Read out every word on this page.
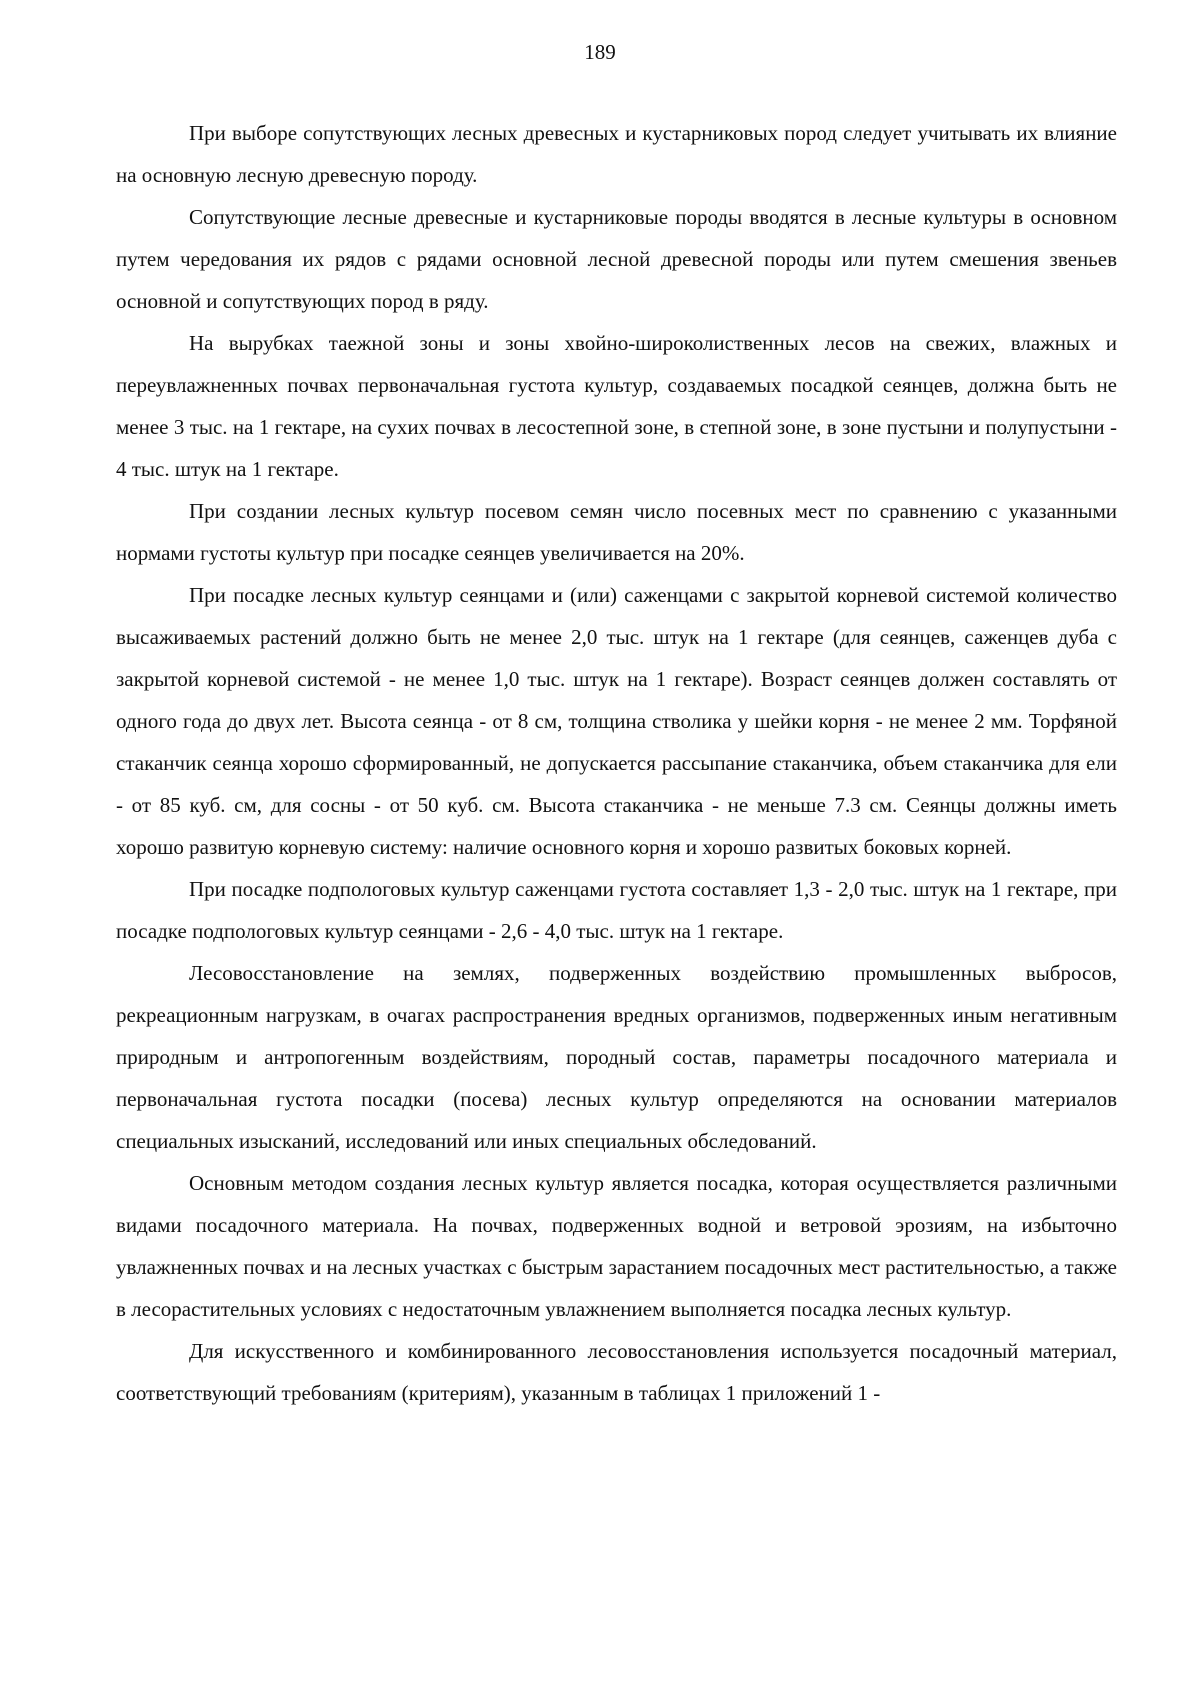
189

При выборе сопутствующих лесных древесных и кустарниковых пород следует учитывать их влияние на основную лесную древесную породу.

Сопутствующие лесные древесные и кустарниковые породы вводятся в лесные культуры в основном путем чередования их рядов с рядами основной лесной древесной породы или путем смешения звеньев основной и сопутствующих пород в ряду.

На вырубках таежной зоны и зоны хвойно-широколиственных лесов на свежих, влажных и переувлажненных почвах первоначальная густота культур, создаваемых посадкой сеянцев, должна быть не менее 3 тыс. на 1 гектаре, на сухих почвах в лесостепной зоне, в степной зоне, в зоне пустыни и полупустыни - 4 тыс. штук на 1 гектаре.

При создании лесных культур посевом семян число посевных мест по сравнению с указанными нормами густоты культур при посадке сеянцев увеличивается на 20%.

При посадке лесных культур сеянцами и (или) саженцами с закрытой корневой системой количество высаживаемых растений должно быть не менее 2,0 тыс. штук на 1 гектаре (для сеянцев, саженцев дуба с закрытой корневой системой - не менее 1,0 тыс. штук на 1 гектаре). Возраст сеянцев должен составлять от одного года до двух лет. Высота сеянца - от 8 см, толщина стволика у шейки корня - не менее 2 мм. Торфяной стаканчик сеянца хорошо сформированный, не допускается рассыпание стаканчика, объем стаканчика для ели - от 85 куб. см, для сосны - от 50 куб. см. Высота стаканчика - не меньше 7.3 см. Сеянцы должны иметь хорошо развитую корневую систему: наличие основного корня и хорошо развитых боковых корней.

При посадке подпологовых культур саженцами густота составляет 1,3 - 2,0 тыс. штук на 1 гектаре, при посадке подпологовых культур сеянцами - 2,6 - 4,0 тыс. штук на 1 гектаре.

Лесовосстановление на землях, подверженных воздействию промышленных выбросов, рекреационным нагрузкам, в очагах распространения вредных организмов, подверженных иным негативным природным и антропогенным воздействиям, породный состав, параметры посадочного материала и первоначальная густота посадки (посева) лесных культур определяются на основании материалов специальных изысканий, исследований или иных специальных обследований.

Основным методом создания лесных культур является посадка, которая осуществляется различными видами посадочного материала. На почвах, подверженных водной и ветровой эрозиям, на избыточно увлажненных почвах и на лесных участках с быстрым зарастанием посадочных мест растительностью, а также в лесорастительных условиях с недостаточным увлажнением выполняется посадка лесных культур.

Для искусственного и комбинированного лесовосстановления используется посадочный материал, соответствующий требованиям (критериям), указанным в таблицах 1 приложений 1 -
